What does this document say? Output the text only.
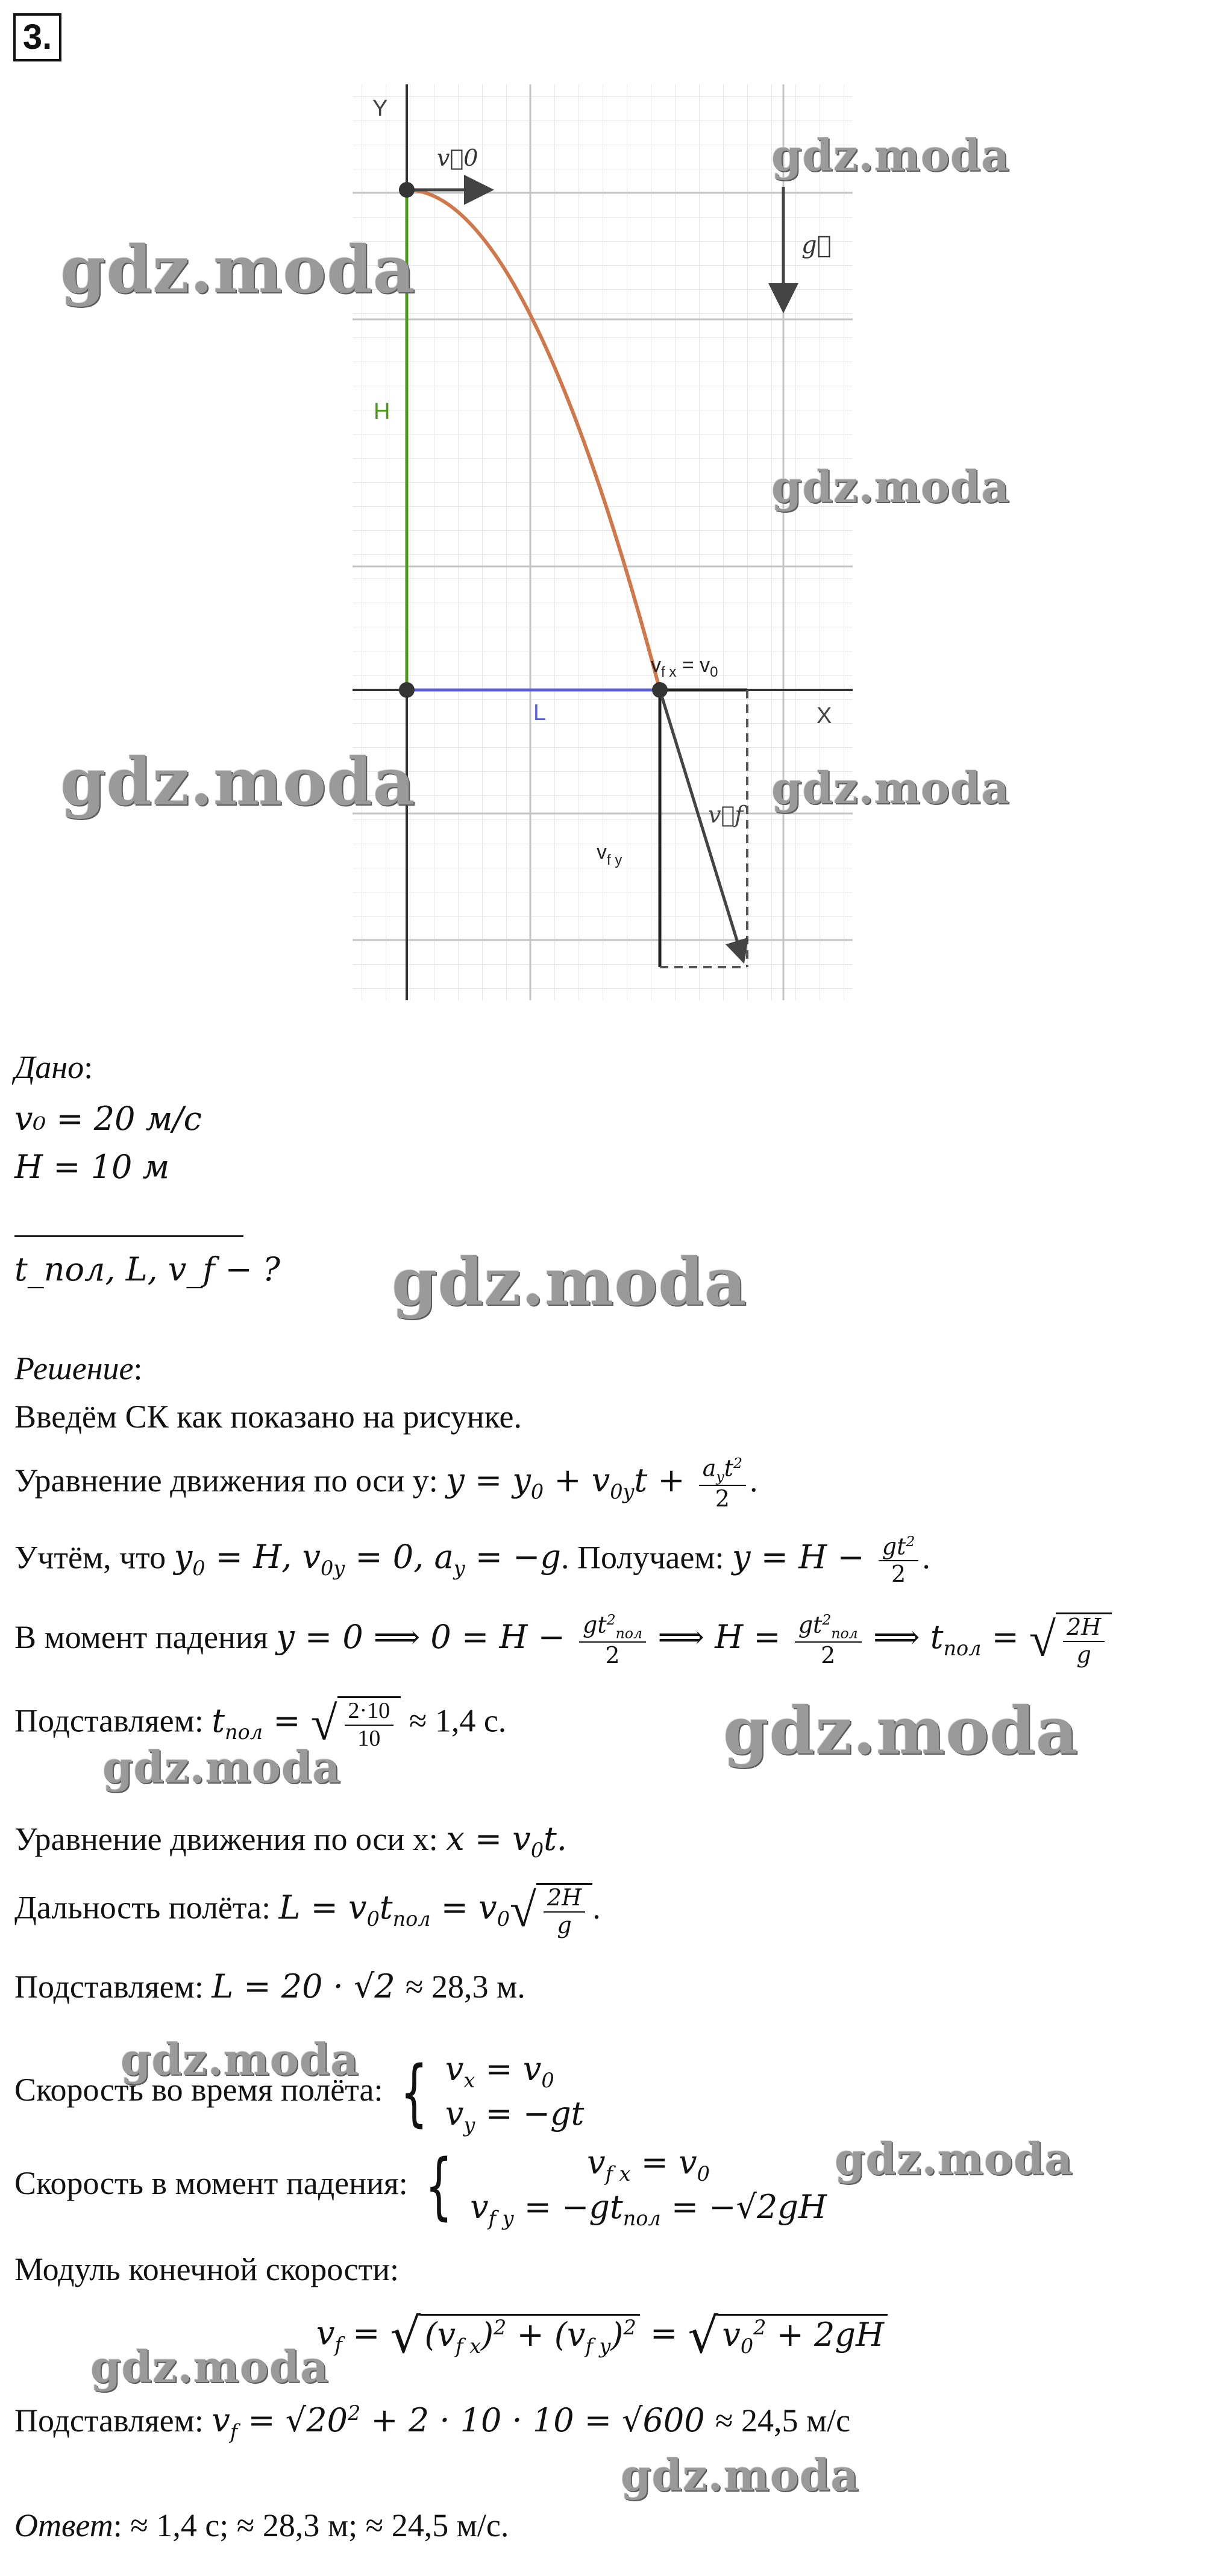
3.
Y
X
H
L
v⃗0
g⃗
$v_{f x} = v_0$
v⃗f
$v_{f y}$
gdz.moda
gdz.moda
gdz.moda
gdz.moda	gdz.moda
gdz.moda
gdz.moda
gdz.moda
gdz.moda
gdz.moda
gdz.moda
gdz.moda
Дано:
v₀ = 20 м/с
H = 10 м
t_пол, L, v_f − ?
Решение:
Введём СК как показано на рисунке.
Уравнение движения по оси y: $y = y_0 + v_{0y}t + \frac{a_yt^2}{2}$ .
Учтём, что $y_0 = H$, $v_{0y} = 0$, $a_y = -g$. Получаем: $y = H - \frac{gt^2}{2}$ .
В момент падения y = 0 ⟹ $0 = H - \frac{gt^2_{пол}}{2}$ ⟹ $H = \frac{gt^2_{пол}}{2}$ ⟹ $t_{пол}$ = √ $\frac{2H}{g}$
Подставляем: $t_{пол}$ = √ $\frac{2\cdot 10}{10} \approx 1,4$ с.
Уравнение движения по оси x: $x = v_0t$.
Дальность полёта: $L = v_0t_{пол} = v_0√ \frac{2H}{g}$ .
Подставляем: L = 20 · √2 ≈ 28,3 м.
Скорость во время полёта: { $v_x = v_0$
$v_y = -gt$
Скорость в момент падения: {	$v_{f x} = v_0$
$v_{f y} = -gt_{пол} = -√2gH$
Модуль конечной скорости:
$v_f$ = √ $(v_{f x})^2 + (v_{f y})^2$ = √ $v_0^2 + 2gH$
Подставляем: $v_f = √20^2 + 2 \cdot 10 \cdot 10 = √600 \approx 24,5$ м/с
Ответ: ≈ 1,4 с; ≈ 28,3 м; ≈ 24,5 м/с.
